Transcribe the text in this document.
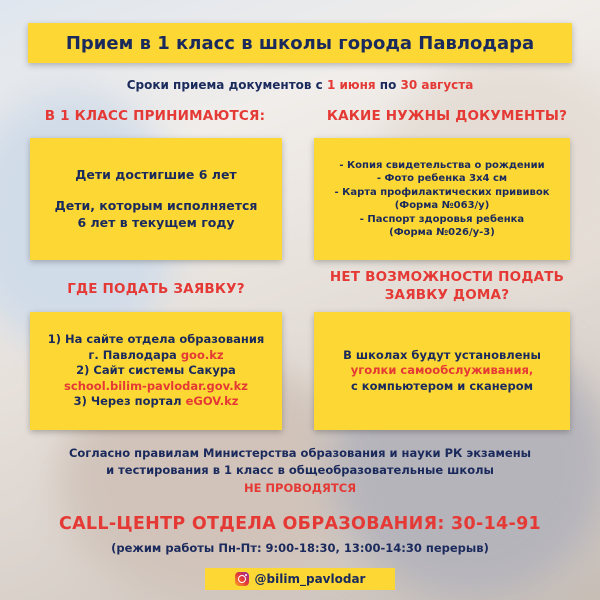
Прием в 1 класс в школы города Павлодара
Сроки приема документов с 1 июня по 30 августа
В 1 КЛАСС ПРИНИМАЮТСЯ:	КАКИЕ НУЖНЫ ДОКУМЕНТЫ?
Дети достигшие 6 лет
Дети, которым исполняется
6 лет в текущем году
- Копия свидетельства о рождении
- Фото ребенка 3х4 см
- Карта профилактических прививок
(Форма №063/у)
- Паспорт здоровья ребенка
(Форма №026/у-3)
ГДЕ ПОДАТЬ ЗАЯВКУ?
НЕТ ВОЗМОЖНОСТИ ПОДАТЬ
ЗАЯВКУ ДОМА?
1) На сайте отдела образования
г. Павлодара goo.kz
2) Сайт системы Сакура
school.bilim-pavlodar.gov.kz
3) Через портал eGOV.kz
В школах будут установлены
уголки самообслуживания,
с компьютером и сканером
Согласно правилам Министерства образования и науки РК экзамены
и тестирования в 1 класс в общеобразовательные школы
НЕ ПРОВОДЯТСЯ
CALL-ЦЕНТР ОТДЕЛА ОБРАЗОВАНИЯ: 30-14-91
(режим работы Пн-Пт: 9:00-18:30, 13:00-14:30 перерыв)
@bilim_pavlodar
